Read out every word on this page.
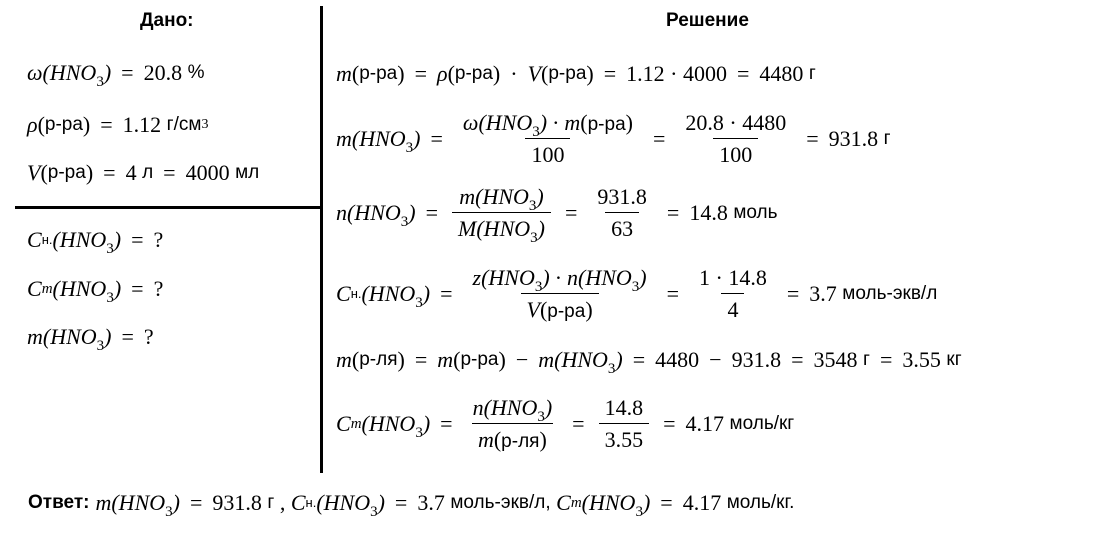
Дано:	Решение
$\omega(HNO_3) = 20.8$
%
ρ ( р-ра ) = 1.12
г/см 3
V ( р-ра ) = 4
л = 4000
мл
C н. $(HNO_3)$ = ?
C m $(HNO_3)$ = ?
$m(HNO_3)$ = ?
m ( р-ра ) = ρ ( р-ра ) · V ( р-ра ) = 1.12 · 4000 = 4480
г
$m(HNO_3) = \frac{\omega(HNO_3) \cdot m(р-ра)}{100} = \frac{20.8 \cdot 4480}{100} = 931.8$
г
$n(HNO_3) = \frac{m(HNO_3)}{M(HNO_3)} = \frac{931.8}{63} = 14.8$
моль
C н. $(HNO_3) = \frac{z(HNO_3) \cdot n(HNO_3)}{V(р-ра)} = \frac{1 \cdot 14.8}{4} = 3.7$
моль-экв/л
m ( р-ля ) = m ( р-ра ) − $m(HNO_3) = 4480 - 931.8 = 3548$
г = 3.55
кг
C m $(HNO_3) = \frac{n(HNO_3)}{m(р-ля)} = \frac{14.8}{3.55} = 4.17$
моль/кг
Ответ: $m(HNO_3) = 931.8$
г , C н. $(HNO_3) = 3.7$
моль-экв/л,
C m $(HNO_3) = 4.17$
моль/кг.
